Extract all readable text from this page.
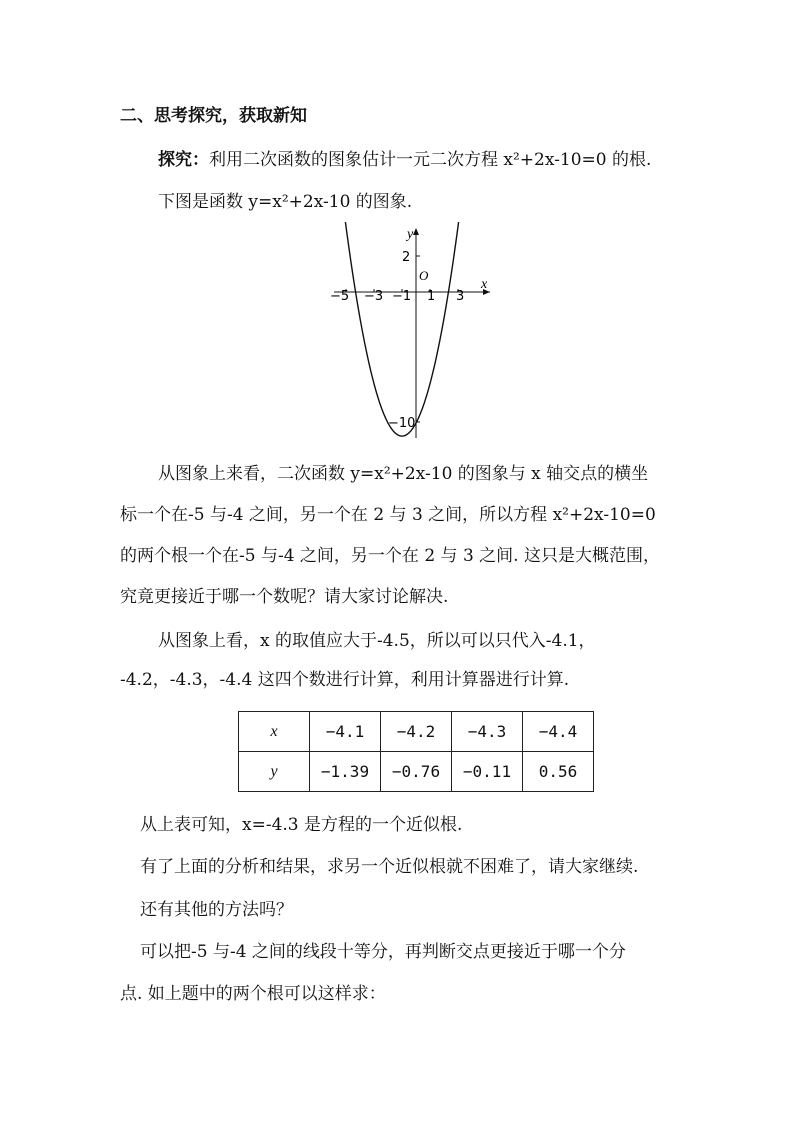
二、思考探究，获取新知
探究：利用二次函数的图象估计一元二次方程 x²+2x-10=0 的根.
下图是函数 y=x²+2x-10 的图象.
−5 −3 −1 1 3
2
−10
O
x
y
从图象上来看，二次函数 y=x²+2x-10 的图象与 x 轴交点的横坐
标一个在-5 与-4 之间，另一个在 2 与 3 之间，所以方程 x²+2x-10=0
的两个根一个在-5 与-4 之间，另一个在 2 与 3 之间. 这只是大概范围，
究竟更接近于哪一个数呢？请大家讨论解决.
从图象上看，x 的取值应大于-4.5，所以可以只代入-4.1，
-4.2，-4.3，-4.4 这四个数进行计算，利用计算器进行计算.
x	−4.1	−4.2	−4.3	−4.4
y	−1.39	−0.76	−0.11	0.56
从上表可知，x=-4.3 是方程的一个近似根.
有了上面的分析和结果，求另一个近似根就不困难了，请大家继续.
还有其他的方法吗？
可以把-5 与-4 之间的线段十等分，再判断交点更接近于哪一个分
点. 如上题中的两个根可以这样求：
